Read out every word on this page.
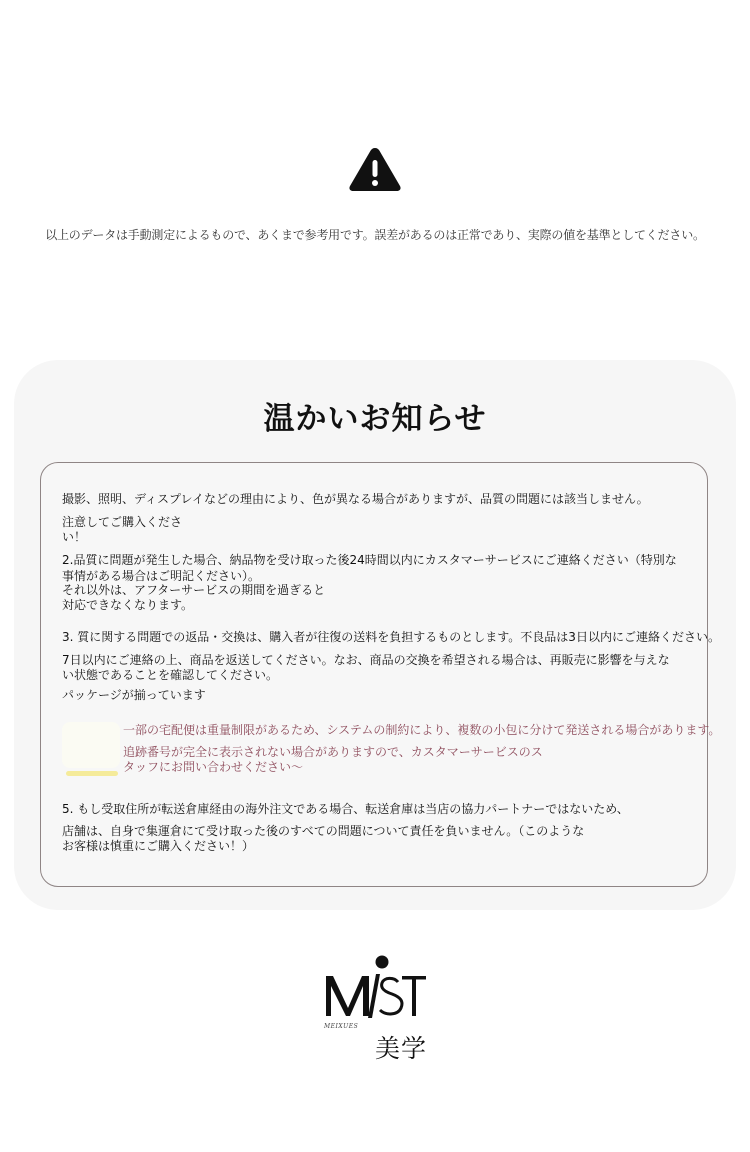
以上のデータは手動測定によるもので、あくまで参考用です。誤差があるのは正常であり、実際の値を基準としてください。
温かいお知らせ
撮影、照明、ディスプレイなどの理由により、色が異なる場合がありますが、品質の問題には該当しません。
注意してご購入くださ
い！
2.品質に問題が発生した場合、納品物を受け取った後24時間以内にカスタマーサービスにご連絡ください（特別な
事情がある場合はご明記ください）。
それ以外は、アフターサービスの期間を過ぎると
対応できなくなります。
3. 質に関する問題での返品・交換は、購入者が往復の送料を負担するものとします。不良品は3日以内にご連絡ください。
7日以内にご連絡の上、商品を返送してください。なお、商品の交換を希望される場合は、再販売に影響を与えな
い状態であることを確認してください。
パッケージが揃っています
一部の宅配便は重量制限があるため、システムの制約により、複数の小包に分けて発送される場合があります。
追跡番号が完全に表示されない場合がありますので、カスタマーサービスのス
タッフにお問い合わせください～
5. もし受取住所が転送倉庫経由の海外注文である場合、転送倉庫は当店の協力パートナーではないため、
店舗は、自身で集運倉にて受け取った後のすべての問題について責任を負いません。（このような
お客様は慎重にご購入ください！）
MEIXUES
美学
